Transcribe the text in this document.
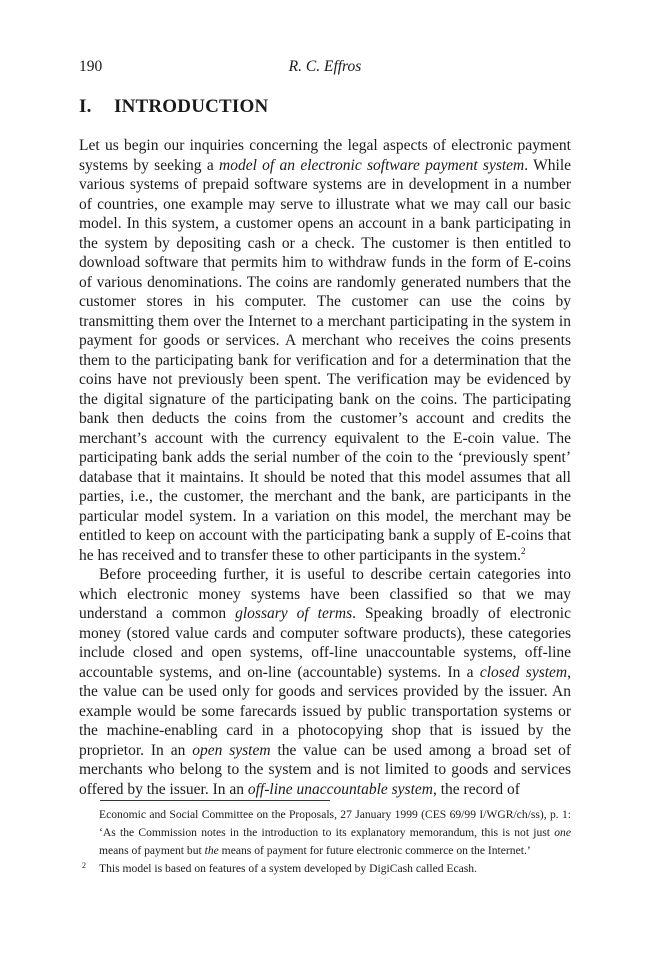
190	R. C. Effros
I. INTRODUCTION

Let us begin our inquiries concerning the legal aspects of electronic payment systems by seeking a model of an electronic software payment system. While various systems of prepaid software systems are in development in a number of countries, one example may serve to illustrate what we may call our basic model. In this system, a customer opens an account in a bank participating in the system by depositing cash or a check. The customer is then entitled to download software that permits him to withdraw funds in the form of E-coins of various denominations. The coins are randomly generated numbers that the customer stores in his computer. The customer can use the coins by transmitting them over the Internet to a merchant participating in the system in payment for goods or services. A merchant who receives the coins presents them to the participating bank for verification and for a determination that the coins have not previously been spent. The verification may be evidenced by the digital signature of the participating bank on the coins. The participating bank then deducts the coins from the customer’s account and credits the merchant’s account with the currency equivalent to the E-coin value. The participating bank adds the serial number of the coin to the ‘previously spent’ database that it maintains. It should be noted that this model assumes that all parties, i.e., the customer, the merchant and the bank, are participants in the particular model system. In a variation on this model, the merchant may be entitled to keep on account with the participating bank a supply of E-coins that he has received and to transfer these to other participants in the system.$^2$

Before proceeding further, it is useful to describe certain categories into which electronic money systems have been classified so that we may understand a common glossary of terms. Speaking broadly of electronic money (stored value cards and computer software products), these categories include closed and open systems, off-line unaccountable systems, off-line accountable systems, and on-line (accountable) systems. In a closed system, the value can be used only for goods and services provided by the issuer. An example would be some farecards issued by public transportation systems or the machine-enabling card in a photocopying shop that is issued by the proprietor. In an open system the value can be used among a broad set of merchants who belong to the system and is not limited to goods and services offered by the issuer. In an off-line unaccountable system, the record of

Economic and Social Committee on the Proposals, 27 January 1999 (CES 69/99 I/WGR/ch/ss), p. 1: ‘As the Commission notes in the introduction to its explanatory memorandum, this is not just one means of payment but the means of payment for future electronic commerce on the Internet.’

2 This model is based on features of a system developed by DigiCash called Ecash.
